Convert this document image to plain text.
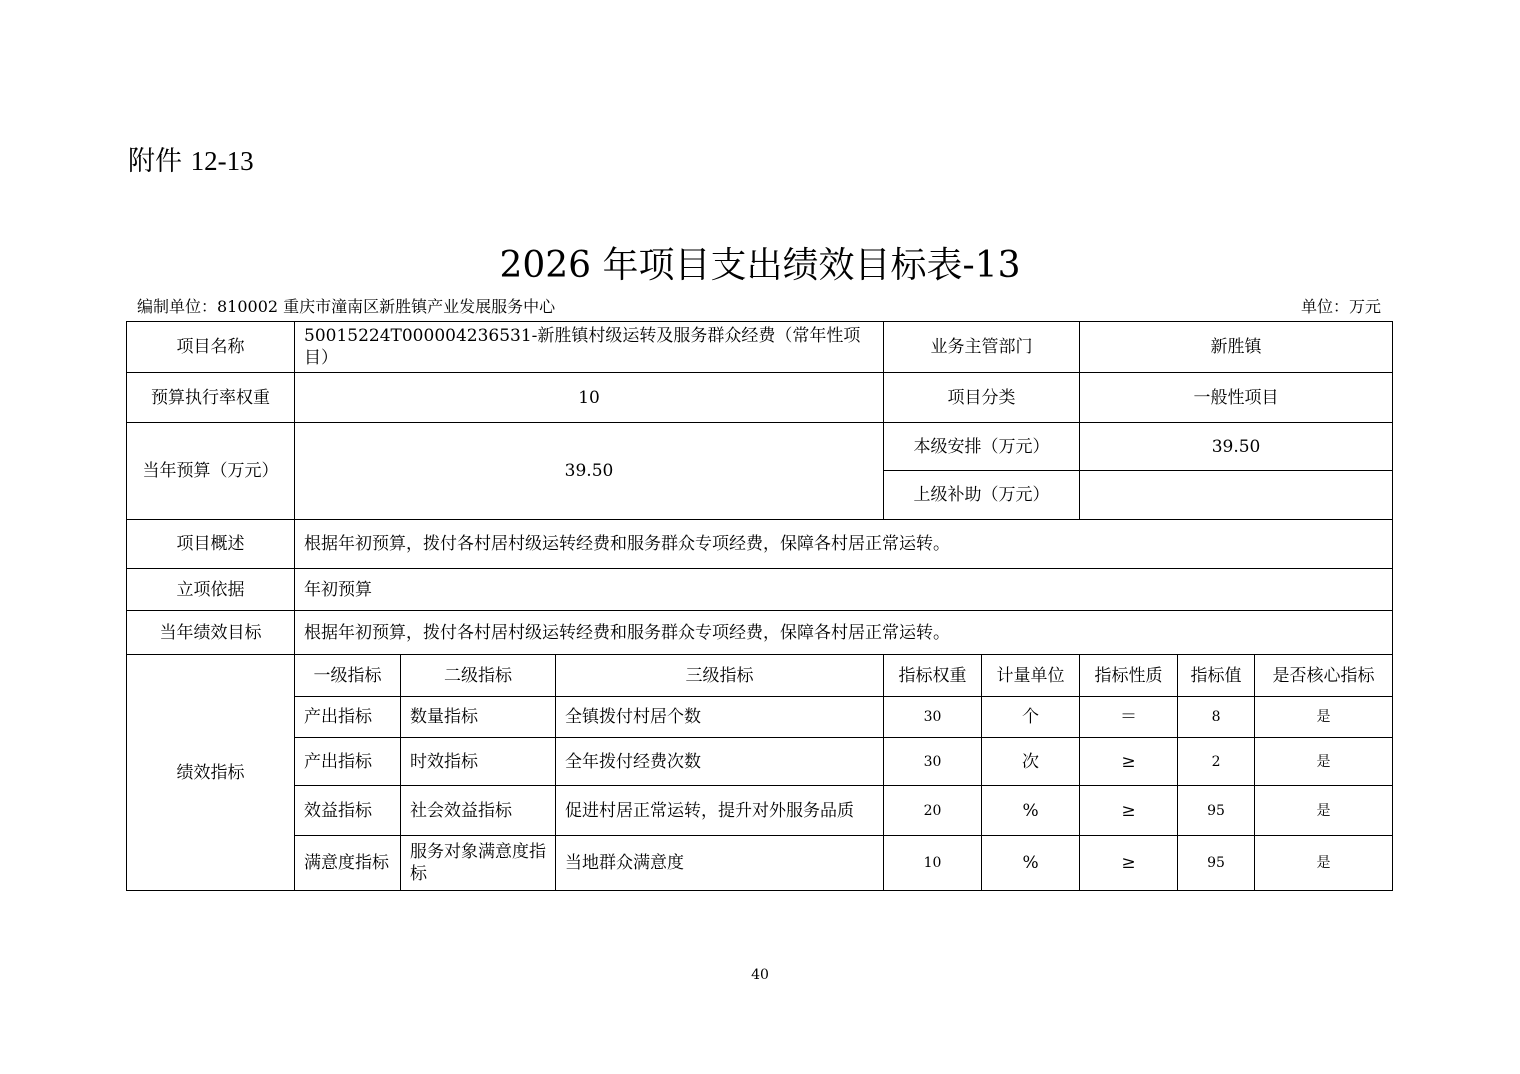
附件 12-13
2026 年项目支出绩效目标表-13
编制单位：810002 重庆市潼南区新胜镇产业发展服务中心	单位：万元
项目名称	50015224T000004236531-新胜镇村级运转及服务群众经费（常年性项目）			业务主管部门		新胜镇		
预算执行率权重	10			项目分类		一般性项目		
当年预算（万元）	39.50			本级安排（万元）		39.50		
				上级补助（万元）				
项目概述	根据年初预算，拨付各村居村级运转经费和服务群众专项经费，保障各村居正常运转。							
立项依据	年初预算							
当年绩效目标	根据年初预算，拨付各村居村级运转经费和服务群众专项经费，保障各村居正常运转。							
绩效指标	一级指标	二级指标	三级指标	指标权重	计量单位	指标性质	指标值	是否核心指标
	产出指标	数量指标	全镇拨付村居个数	30	个	＝	8	是
	产出指标	时效指标	全年拨付经费次数	30	次	≥	2	是
	效益指标	社会效益指标	促进村居正常运转，提升对外服务品质	20	%	≥	95	是
	满意度指标	服务对象满意度指标	当地群众满意度	10	%	≥	95	是
40
